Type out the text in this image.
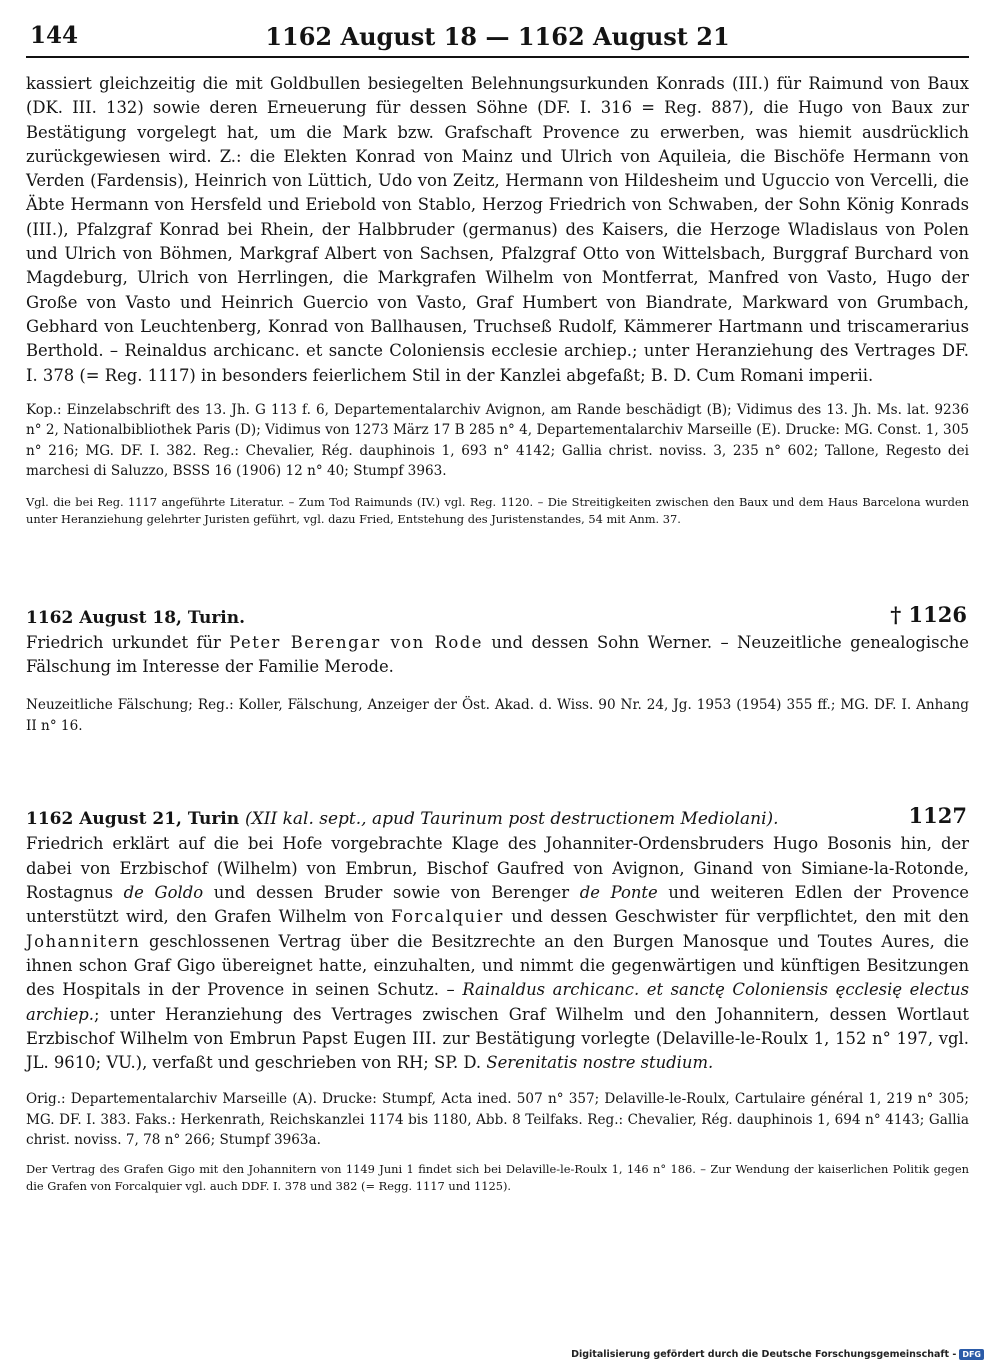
144	1162 August 18 — 1162 August 21

kassiert gleichzeitig die mit Goldbullen besiegelten Belehnungsurkunden Konrads (III.) für Raimund von Baux (DK. III. 132) sowie deren Erneuerung für dessen Söhne (DF. I. 316 = Reg. 887), die Hugo von Baux zur Bestätigung vorgelegt hat, um die Mark bzw. Grafschaft Provence zu erwerben, was hiemit ausdrücklich zurückgewiesen wird. Z.: die Elekten Konrad von Mainz und Ulrich von Aquileia, die Bischöfe Hermann von Verden (Fardensis), Heinrich von Lüttich, Udo von Zeitz, Hermann von Hildesheim und Uguccio von Vercelli, die Äbte Hermann von Hersfeld und Eriebold von Stablo, Herzog Friedrich von Schwaben, der Sohn König Konrads (III.), Pfalzgraf Konrad bei Rhein, der Halbbruder (germanus) des Kaisers, die Herzoge Wladislaus von Polen und Ulrich von Böhmen, Markgraf Albert von Sachsen, Pfalzgraf Otto von Wittelsbach, Burggraf Burchard von Magdeburg, Ulrich von Herrlingen, die Markgrafen Wilhelm von Montferrat, Manfred von Vasto, Hugo der Große von Vasto und Heinrich Guercio von Vasto, Graf Humbert von Biandrate, Markward von Grumbach, Gebhard von Leuchtenberg, Konrad von Ballhausen, Truchseß Rudolf, Kämmerer Hartmann und triscamerarius Berthold. – Reinaldus archicanc. et sancte Coloniensis ecclesie archiep.; unter Heranziehung des Vertrages DF. I. 378 (= Reg. 1117) in besonders feierlichem Stil in der Kanzlei abgefaßt; B. D. Cum Romani imperii.

Kop.: Einzelabschrift des 13. Jh. G 113 f. 6, Departementalarchiv Avignon, am Rande beschädigt (B); Vidimus des 13. Jh. Ms. lat. 9236 n° 2, Nationalbibliothek Paris (D); Vidimus von 1273 März 17 B 285 n° 4, Departementalarchiv Marseille (E). Drucke: MG. Const. 1, 305 n° 216; MG. DF. I. 382. Reg.: Chevalier, Rég. dauphinois 1, 693 n° 4142; Gallia christ. noviss. 3, 235 n° 602; Tallone, Regesto dei marchesi di Saluzzo, BSSS 16 (1906) 12 n° 40; Stumpf 3963.

Vgl. die bei Reg. 1117 angeführte Literatur. – Zum Tod Raimunds (IV.) vgl. Reg. 1120. – Die Streitigkeiten zwischen den Baux und dem Haus Barcelona wurden unter Heranziehung gelehrter Juristen geführt, vgl. dazu Fried, Entstehung des Juristenstandes, 54 mit Anm. 37.

1162 August 18, Turin.	† 1126

Friedrich urkundet für Peter Berengar von Rode und dessen Sohn Werner. – Neuzeitliche genealogische Fälschung im Interesse der Familie Merode.

Neuzeitliche Fälschung; Reg.: Koller, Fälschung, Anzeiger der Öst. Akad. d. Wiss. 90 Nr. 24, Jg. 1953 (1954) 355 ff.; MG. DF. I. Anhang II n° 16.

1162 August 21, Turin (XII kal. sept., apud Taurinum post destructionem Mediolani).	1127

Friedrich erklärt auf die bei Hofe vorgebrachte Klage des Johanniter-Ordensbruders Hugo Bosonis hin, der dabei von Erzbischof (Wilhelm) von Embrun, Bischof Gaufred von Avignon, Ginand von Simiane-la-Rotonde, Rostagnus de Goldo und dessen Bruder sowie von Berenger de Ponte und weiteren Edlen der Provence unterstützt wird, den Grafen Wilhelm von Forcalquier und dessen Geschwister für verpflichtet, den mit den Johannitern geschlossenen Vertrag über die Besitzrechte an den Burgen Manosque und Toutes Aures, die ihnen schon Graf Gigo übereignet hatte, einzuhalten, und nimmt die gegenwärtigen und künftigen Besitzungen des Hospitals in der Provence in seinen Schutz. – Rainaldus archicanc. et sanctę Coloniensis ęcclesię electus archiep.; unter Heranziehung des Vertrages zwischen Graf Wilhelm und den Johannitern, dessen Wortlaut Erzbischof Wilhelm von Embrun Papst Eugen III. zur Bestätigung vorlegte (Delaville-le-Roulx 1, 152 n° 197, vgl. JL. 9610; VU.), verfaßt und geschrieben von RH; SP. D. Serenitatis nostre studium.

Orig.: Departementalarchiv Marseille (A). Drucke: Stumpf, Acta ined. 507 n° 357; Delaville-le-Roulx, Cartulaire général 1, 219 n° 305; MG. DF. I. 383. Faks.: Herkenrath, Reichskanzlei 1174 bis 1180, Abb. 8 Teilfaks. Reg.: Chevalier, Rég. dauphinois 1, 694 n° 4143; Gallia christ. noviss. 7, 78 n° 266; Stumpf 3963a.

Der Vertrag des Grafen Gigo mit den Johannitern von 1149 Juni 1 findet sich bei Delaville-le-Roulx 1, 146 n° 186. – Zur Wendung der kaiserlichen Politik gegen die Grafen von Forcalquier vgl. auch DDF. I. 378 und 382 (= Regg. 1117 und 1125).

Digitalisierung gefördert durch die Deutsche Forschungsgemeinschaft - DFG
